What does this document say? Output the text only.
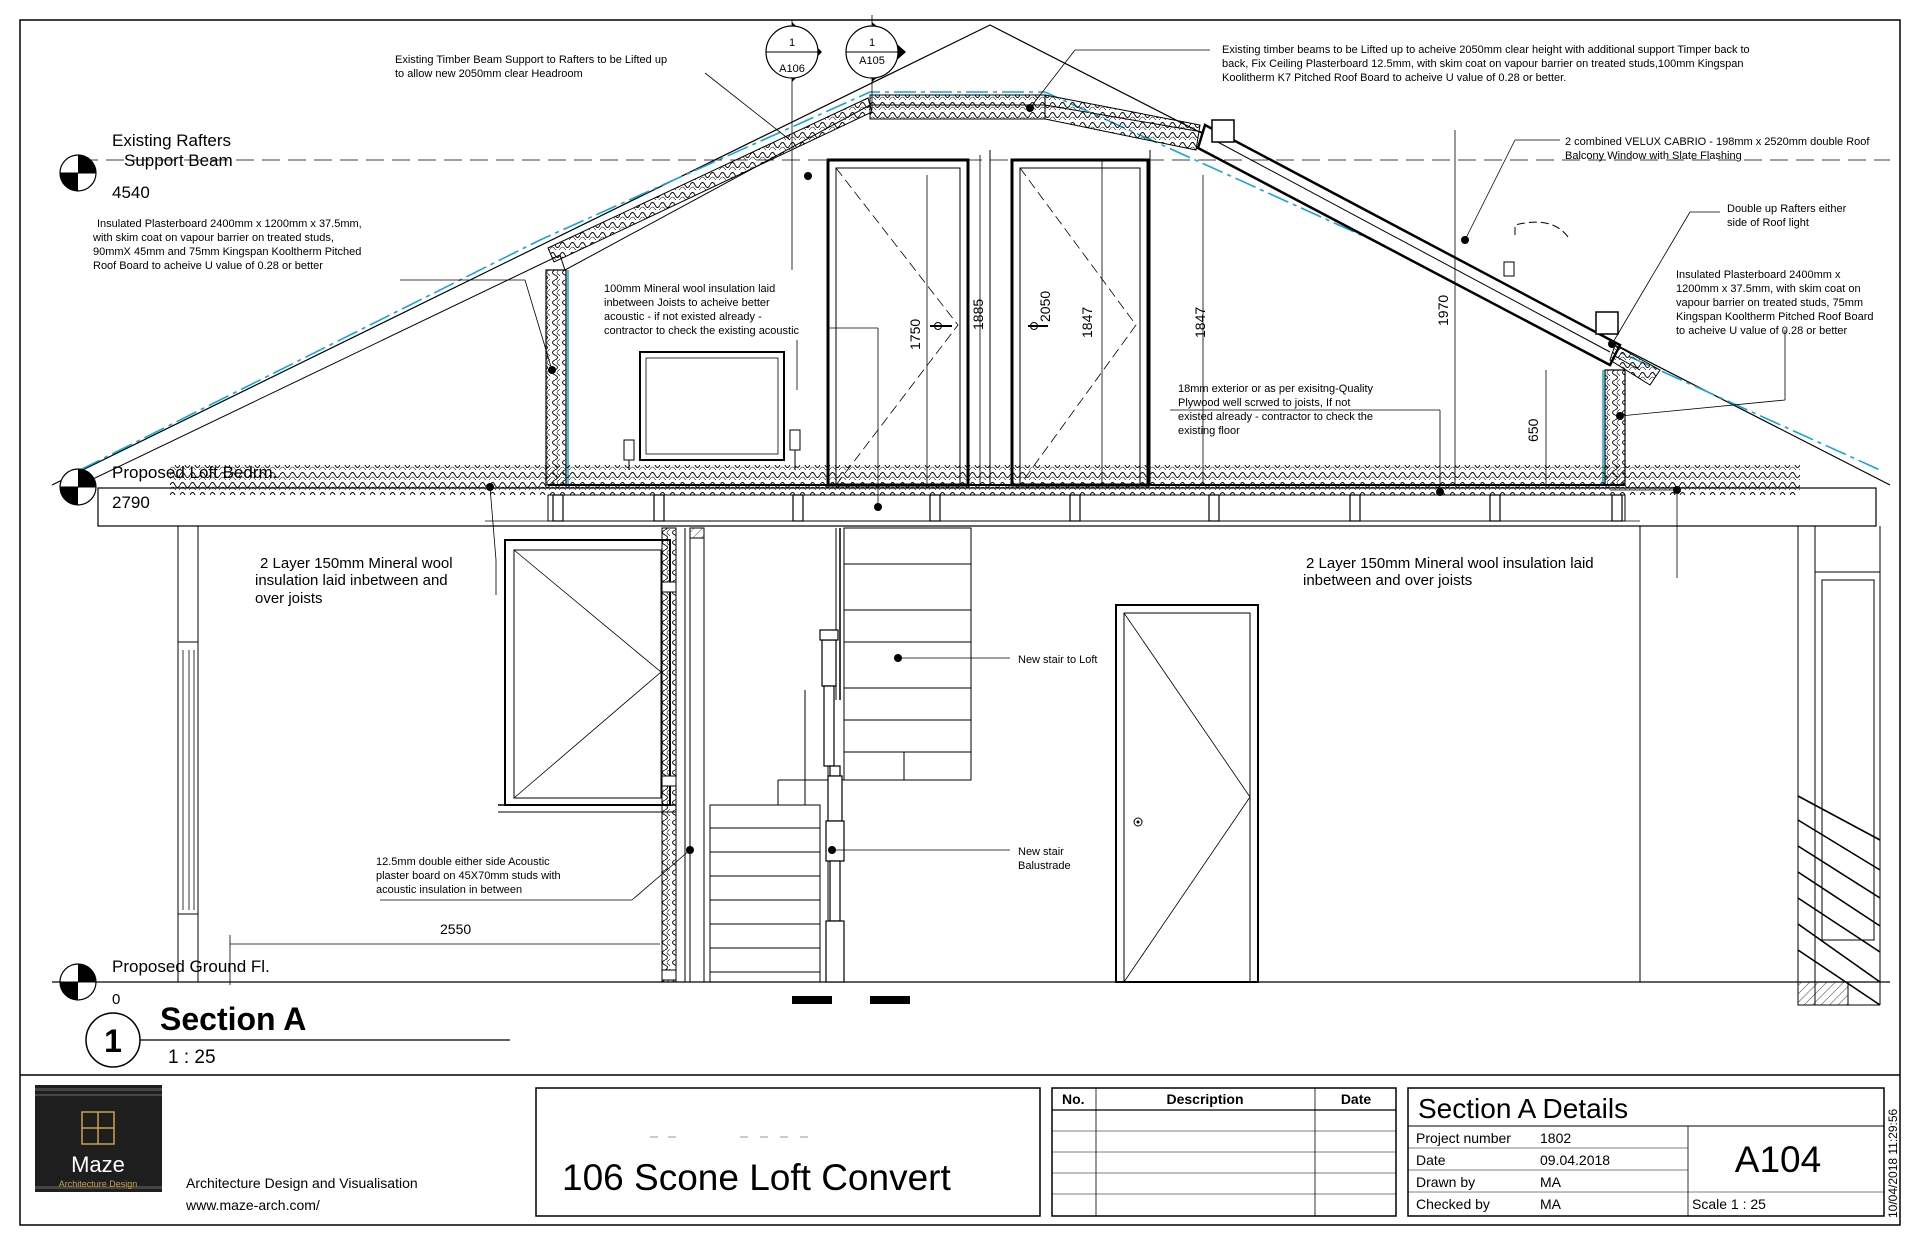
Existing Rafters
Support Beam
4540
Proposed Loft Bedrm.
2790
Proposed Ground Fl.
0
1
A106
1
A105
Existing Timber Beam Support to Rafters to be Lifted up
to allow new 2050mm clear Headroom
Existing timber beams to be Lifted up to acheive 2050mm clear height with additional support Timper back to
back, Fix Ceiling Plasterboard 12.5mm, with skim coat on vapour barrier on treated studs,100mm Kingspan
Koolitherm K7 Pitched Roof Board to acheive U value of 0.28 or better.
2 combined VELUX CABRIO - 198mm x 2520mm double Roof
Balcony Window with Slate Flashing
Double up Rafters either
side of Roof light
Insulated Plasterboard 2400mm x
1200mm x 37.5mm, with skim coat on
vapour barrier on treated studs, 75mm
Kingspan Kooltherm Pitched Roof Board
to acheive U value of 0.28 or better
Insulated Plasterboard 2400mm x 1200mm x 37.5mm,
with skim coat on vapour barrier on treated studs,
90mmX 45mm and 75mm Kingspan Kooltherm Pitched
Roof Board to acheive U value of 0.28 or better
100mm Mineral wool insulation laid
inbetween Joists to acheive better
acoustic - if not existed already -
contractor to check the existing acoustic
18mm exterior or as per exisitng-Quality
Plywood well scrwed to joists, If not
existed already - contractor to check the
existing floor
2 Layer 150mm Mineral wool
insulation laid inbetween and
over joists
2 Layer 150mm Mineral wool insulation laid
inbetween and over joists
New stair to Loft
New stair
Balustrade
12.5mm double either side Acoustic
plaster board on 45X70mm studs with
acoustic insulation in between
1750
1885	2050
1847	1847	1970
650
2550
1
Section A
1 : 25
Maze
Architecture Design	Architecture Design and Visualisation
www.maze-arch.com/
106 Scone Loft Convert
No.	Description	Date Section A Details
Project number 1802
Date	09.04.2018
Drawn by	MA
Checked by	MA
A104
Scale 1 : 25	10/04/2018 11:29:56
